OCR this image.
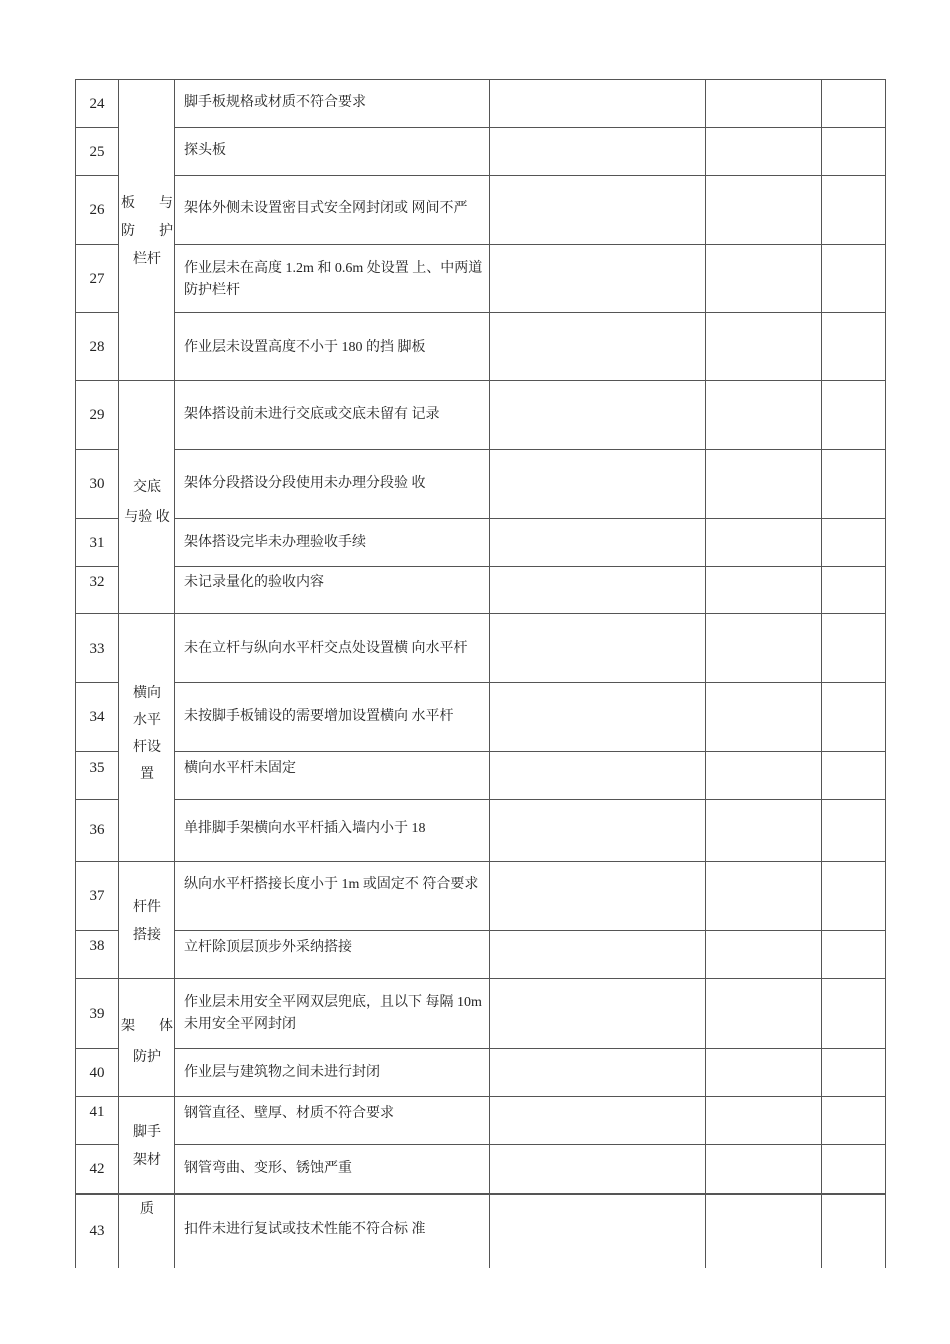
24
25
26
27
28
29
30
31
32
33
34
35
36
37
38
39
40
41
42
43
脚手板规格或材质不符合要求
探头板
架体外侧未设置密目式安全网封闭或 网间不严
作业层未在高度 1.2m 和 0.6m 处设置 上、中两道防护栏杆
作业层未设置高度不小于 180 的挡 脚板
架体搭设前未进行交底或交底未留有 记录
架体分段搭设分段使用未办理分段验 收
架体搭设完毕未办理验收手续
未记录量化的验收内容
未在立杆与纵向水平杆交点处设置横 向水平杆
未按脚手板铺设的需要增加设置横向 水平杆
横向水平杆未固定
单排脚手架横向水平杆插入墙内小于 18
纵向水平杆搭接长度小于 1m 或固定不 符合要求
立杆除顶层顶步外采纳搭接
作业层未用安全平网双层兜底，且以下 每隔 10m 未用安全平网封闭
作业层与建筑物之间未进行封闭
钢管直径、壁厚、材质不符合要求
钢管弯曲、变形、锈蚀严重
扣件未进行复试或技术性能不符合标 准
板　与
防　护
栏杆
交底
与验 收
横向
水平
杆设
置
杆件
搭接
架　体
防护
脚手
架材
质
